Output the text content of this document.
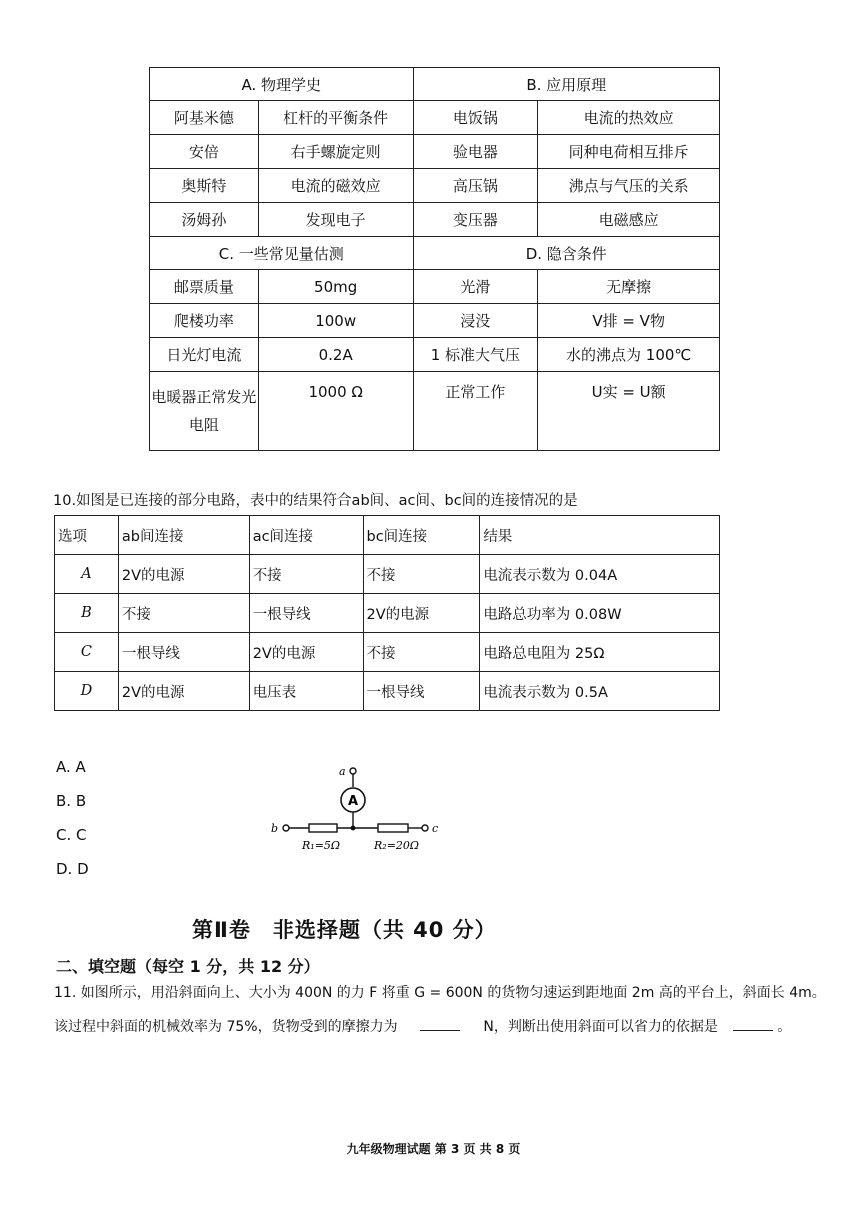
A. 物理学史		B. 应用原理	
阿基米德	杠杆的平衡条件	电饭锅	电流的热效应
安倍	右手螺旋定则	验电器	同种电荷相互排斥
奥斯特	电流的磁效应	高压锅	沸点与气压的关系
汤姆孙	发现电子	变压器	电磁感应
C. 一些常见量估测		D. 隐含条件	
邮票质量	50mg	光滑	无摩擦
爬楼功率	100w	浸没	V排 = V物
日光灯电流	0.2A	1 标准大气压	水的沸点为 100℃
电暖器正常发光电阻	1000 Ω	正常工作	U实 = U额
10.如图是已连接的部分电路，表中的结果符合ab间、ac间、bc间的连接情况的是
选项	ab间连接	ac间连接	bc间连接	结果
A	2V的电源	不接	不接	电流表示数为 0.04A
B	不接	一根导线	2V的电源	电路总功率为 0.08W
C	一根导线	2V的电源	不接	电路总电阻为 25Ω
D	2V的电源	电压表	一根导线	电流表示数为 0.5A
A. A
B. B
C. C
D. D
a
A
b	c
R₁=5Ω	R₂=20Ω
第Ⅱ卷　非选择题（共 40 分）
二、填空题（每空 1 分，共 12 分）
11. 如图所示，用沿斜面向上、大小为 400N 的力 F 将重 G = 600N 的货物匀速运到距地面 2m 高的平台上，斜面长 4m。
该过程中斜面的机械效率为 75%，货物受到的摩擦力为	N，判断出使用斜面可以省力的依据是	。
九年级物理试题 第 3 页 共 8 页
